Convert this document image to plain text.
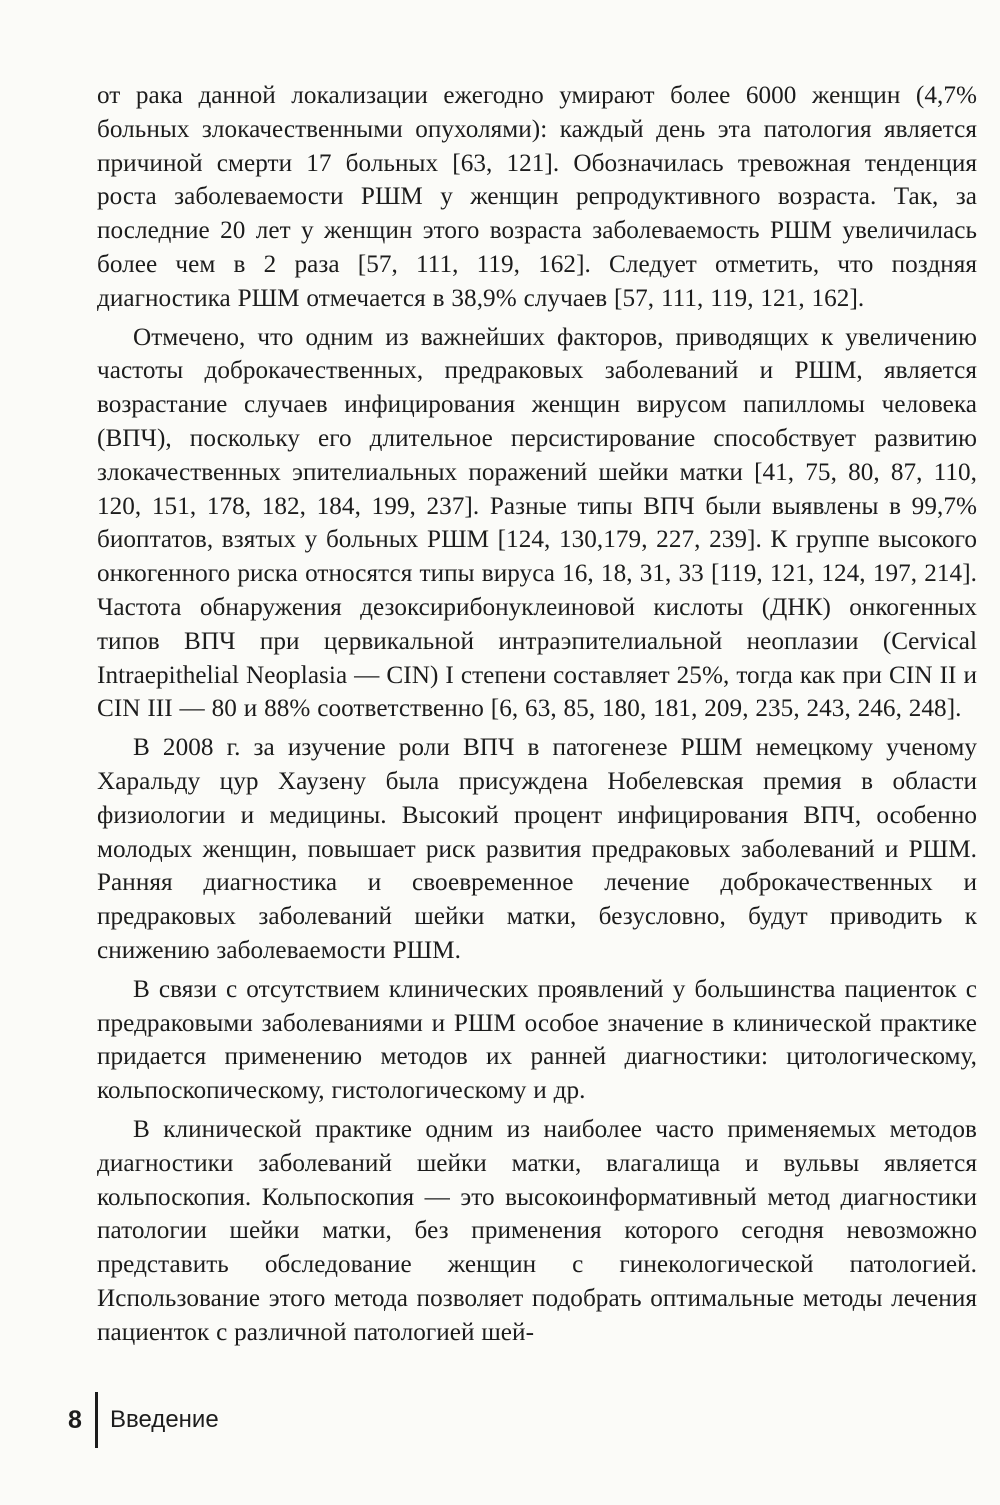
от рака данной локализации ежегодно умирают более 6000 женщин (4,7% больных злокачественными опухолями): каждый день эта патология является причиной смерти 17 больных [63, 121]. Обозначилась тревожная тенденция роста заболеваемости РШМ у женщин репродуктивного возраста. Так, за последние 20 лет у женщин этого возраста заболеваемость РШМ увеличилась более чем в 2 раза [57, 111, 119, 162]. Следует отметить, что поздняя диагностика РШМ отмечается в 38,9% случаев [57, 111, 119, 121, 162].

Отмечено, что одним из важнейших факторов, приводящих к увеличению частоты доброкачественных, предраковых заболеваний и РШМ, является возрастание случаев инфицирования женщин вирусом папилломы человека (ВПЧ), поскольку его длительное персистирование способствует развитию злокачественных эпителиальных поражений шейки матки [41, 75, 80, 87, 110, 120, 151, 178, 182, 184, 199, 237]. Разные типы ВПЧ были выявлены в 99,7% биоптатов, взятых у больных РШМ [124, 130,179, 227, 239]. К группе высокого онкогенного риска относятся типы вируса 16, 18, 31, 33 [119, 121, 124, 197, 214]. Частота обнаружения дезоксирибонуклеиновой кислоты (ДНК) онкогенных типов ВПЧ при цервикальной интраэпителиальной неоплазии (Cervical Intraepithelial Neoplasia — CIN) I степени составляет 25%, тогда как при CIN II и CIN III — 80 и 88% соответственно [6, 63, 85, 180, 181, 209, 235, 243, 246, 248].

В 2008 г. за изучение роли ВПЧ в патогенезе РШМ немецкому ученому Харальду цур Хаузену была присуждена Нобелевская премия в области физиологии и медицины. Высокий процент инфицирования ВПЧ, особенно молодых женщин, повышает риск развития предраковых заболеваний и РШМ. Ранняя диагностика и своевременное лечение доброкачественных и предраковых заболеваний шейки матки, безусловно, будут приводить к снижению заболеваемости РШМ.

В связи с отсутствием клинических проявлений у большинства пациенток с предраковыми заболеваниями и РШМ особое значение в клинической практике придается применению методов их ранней диагностики: цитологическому, кольпоскопическому, гистологическому и др.

В клинической практике одним из наиболее часто применяемых методов диагностики заболеваний шейки матки, влагалища и вульвы является кольпоскопия. Кольпоскопия — это высокоинформативный метод диагностики патологии шейки матки, без применения которого сегодня невозможно представить обследование женщин с гинекологической патологией. Использование этого метода позволяет подобрать оптимальные методы лечения пациенток с различной патологией шей-

8 Введение
